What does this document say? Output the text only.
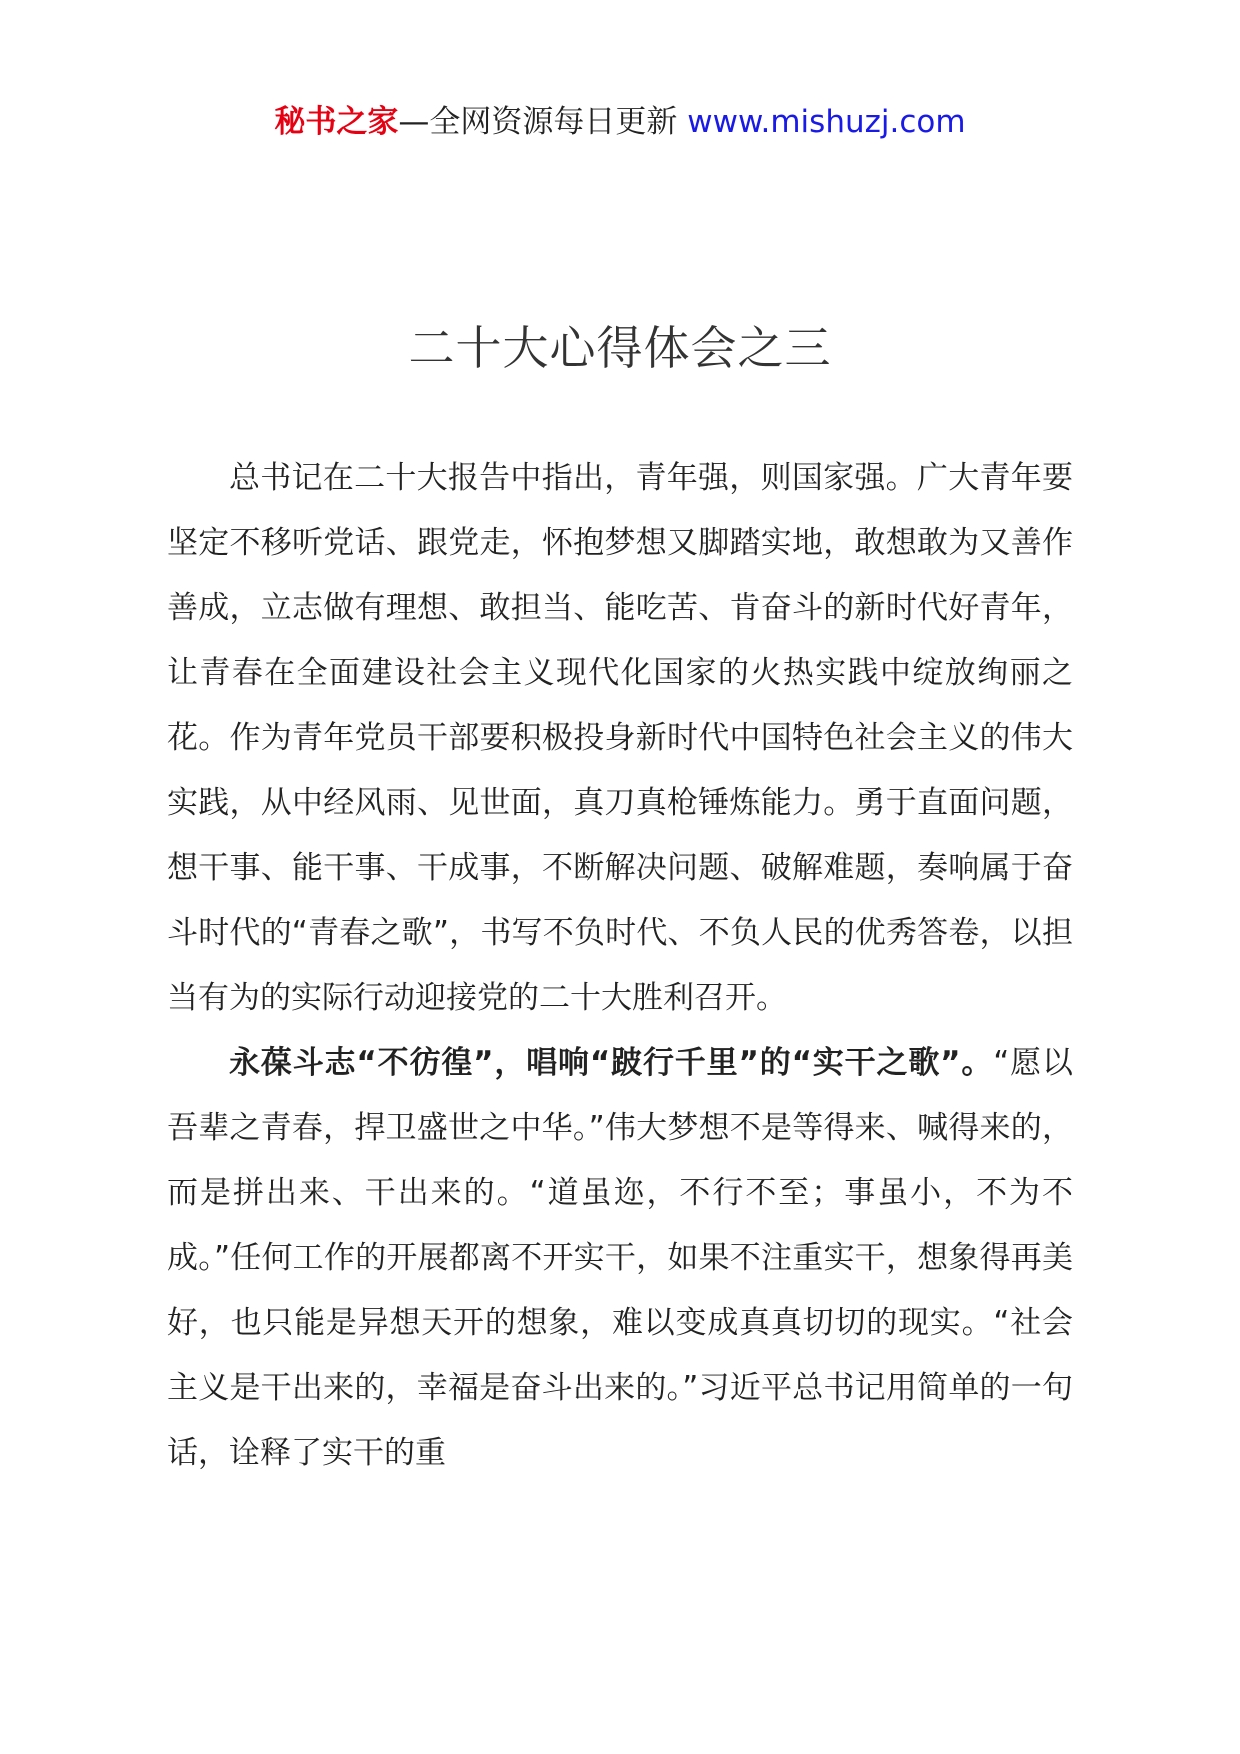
秘书之家—全网资源每日更新 www.mishuzj.com
二十大心得体会之三

总书记在二十大报告中指出，青年强，则国家强。广大青年要坚定不移听党话、跟党走，怀抱梦想又脚踏实地，敢想敢为又善作善成，立志做有理想、敢担当、能吃苦、肯奋斗的新时代好青年，让青春在全面建设社会主义现代化国家的火热实践中绽放绚丽之花。作为青年党员干部要积极投身新时代中国特色社会主义的伟大实践，从中经风雨、见世面，真刀真枪锤炼能力。勇于直面问题，想干事、能干事、干成事，不断解决问题、破解难题，奏响属于奋斗时代的“青春之歌”，书写不负时代、不负人民的优秀答卷，以担当有为的实际行动迎接党的二十大胜利召开。

永葆斗志“不彷徨”，唱响“跛行千里”的“实干之歌”。“愿以吾辈之青春，捍卫盛世之中华。”伟大梦想不是等得来、喊得来的，而是拼出来、干出来的。“道虽迩，不行不至；事虽小，不为不成。”任何工作的开展都离不开实干，如果不注重实干，想象得再美好，也只能是异想天开的想象，难以变成真真切切的现实。“社会主义是干出来的，幸福是奋斗出来的。”习近平总书记用简单的一句话，诠释了实干的重
